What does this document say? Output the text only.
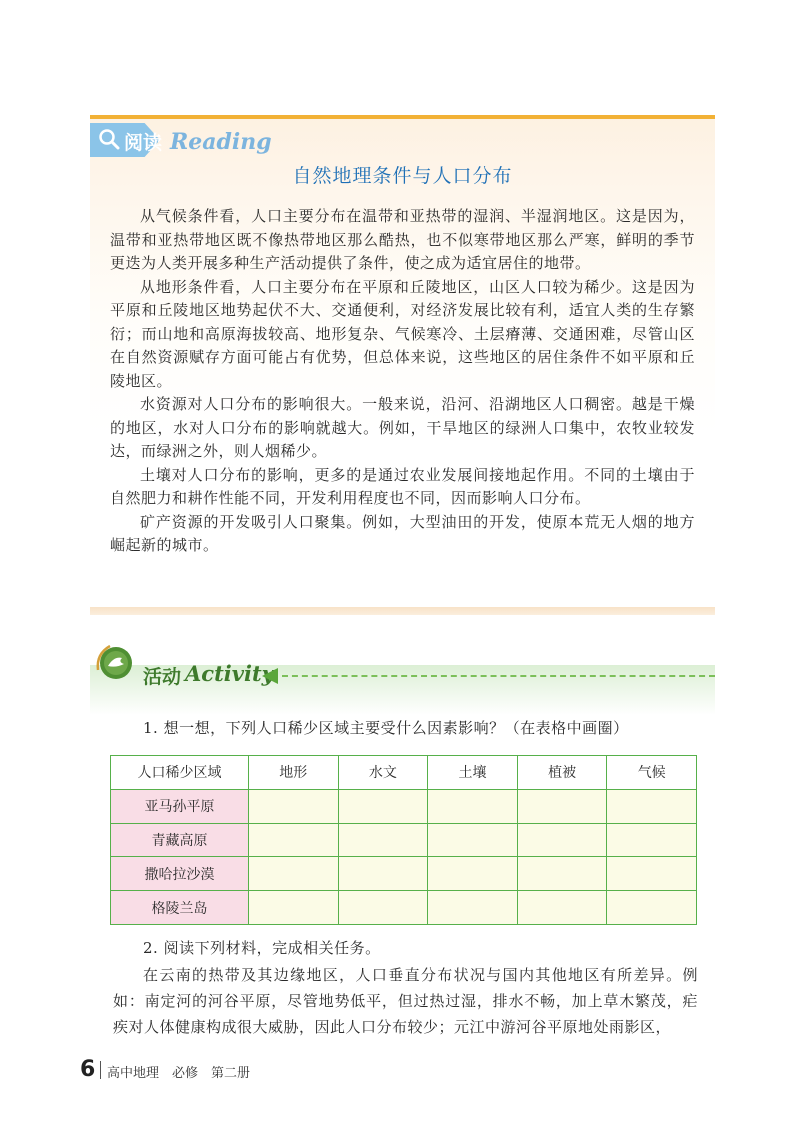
阅读 Reading
自然地理条件与人口分布

从气候条件看，人口主要分布在温带和亚热带的湿润、半湿润地区。这是因为，温带和亚热带地区既不像热带地区那么酷热，也不似寒带地区那么严寒，鲜明的季节更迭为人类开展多种生产活动提供了条件，使之成为适宜居住的地带。

从地形条件看，人口主要分布在平原和丘陵地区，山区人口较为稀少。这是因为平原和丘陵地区地势起伏不大、交通便利，对经济发展比较有利，适宜人类的生存繁衍；而山地和高原海拔较高、地形复杂、气候寒冷、土层瘠薄、交通困难，尽管山区在自然资源赋存方面可能占有优势，但总体来说，这些地区的居住条件不如平原和丘陵地区。

水资源对人口分布的影响很大。一般来说，沿河、沿湖地区人口稠密。越是干燥的地区，水对人口分布的影响就越大。例如，干旱地区的绿洲人口集中，农牧业较发达，而绿洲之外，则人烟稀少。

土壤对人口分布的影响，更多的是通过农业发展间接地起作用。不同的土壤由于自然肥力和耕作性能不同，开发利用程度也不同，因而影响人口分布。

矿产资源的开发吸引人口聚集。例如，大型油田的开发，使原本荒无人烟的地方崛起新的城市。

活动 Activity
1. 想一想，下列人口稀少区域主要受什么因素影响？（在表格中画圈）
人口稀少区域	地形	水文	土壤	植被	气候
亚马孙平原					
青藏高原					
撒哈拉沙漠					
格陵兰岛					
2. 阅读下列材料，完成相关任务。

在云南的热带及其边缘地区，人口垂直分布状况与国内其他地区有所差异。例如：南定河的河谷平原，尽管地势低平，但过热过湿，排水不畅，加上草木繁茂，疟疾对人体健康构成很大威胁，因此人口分布较少；元江中游河谷平原地处雨影区，

6 高中地理　必修　第二册
